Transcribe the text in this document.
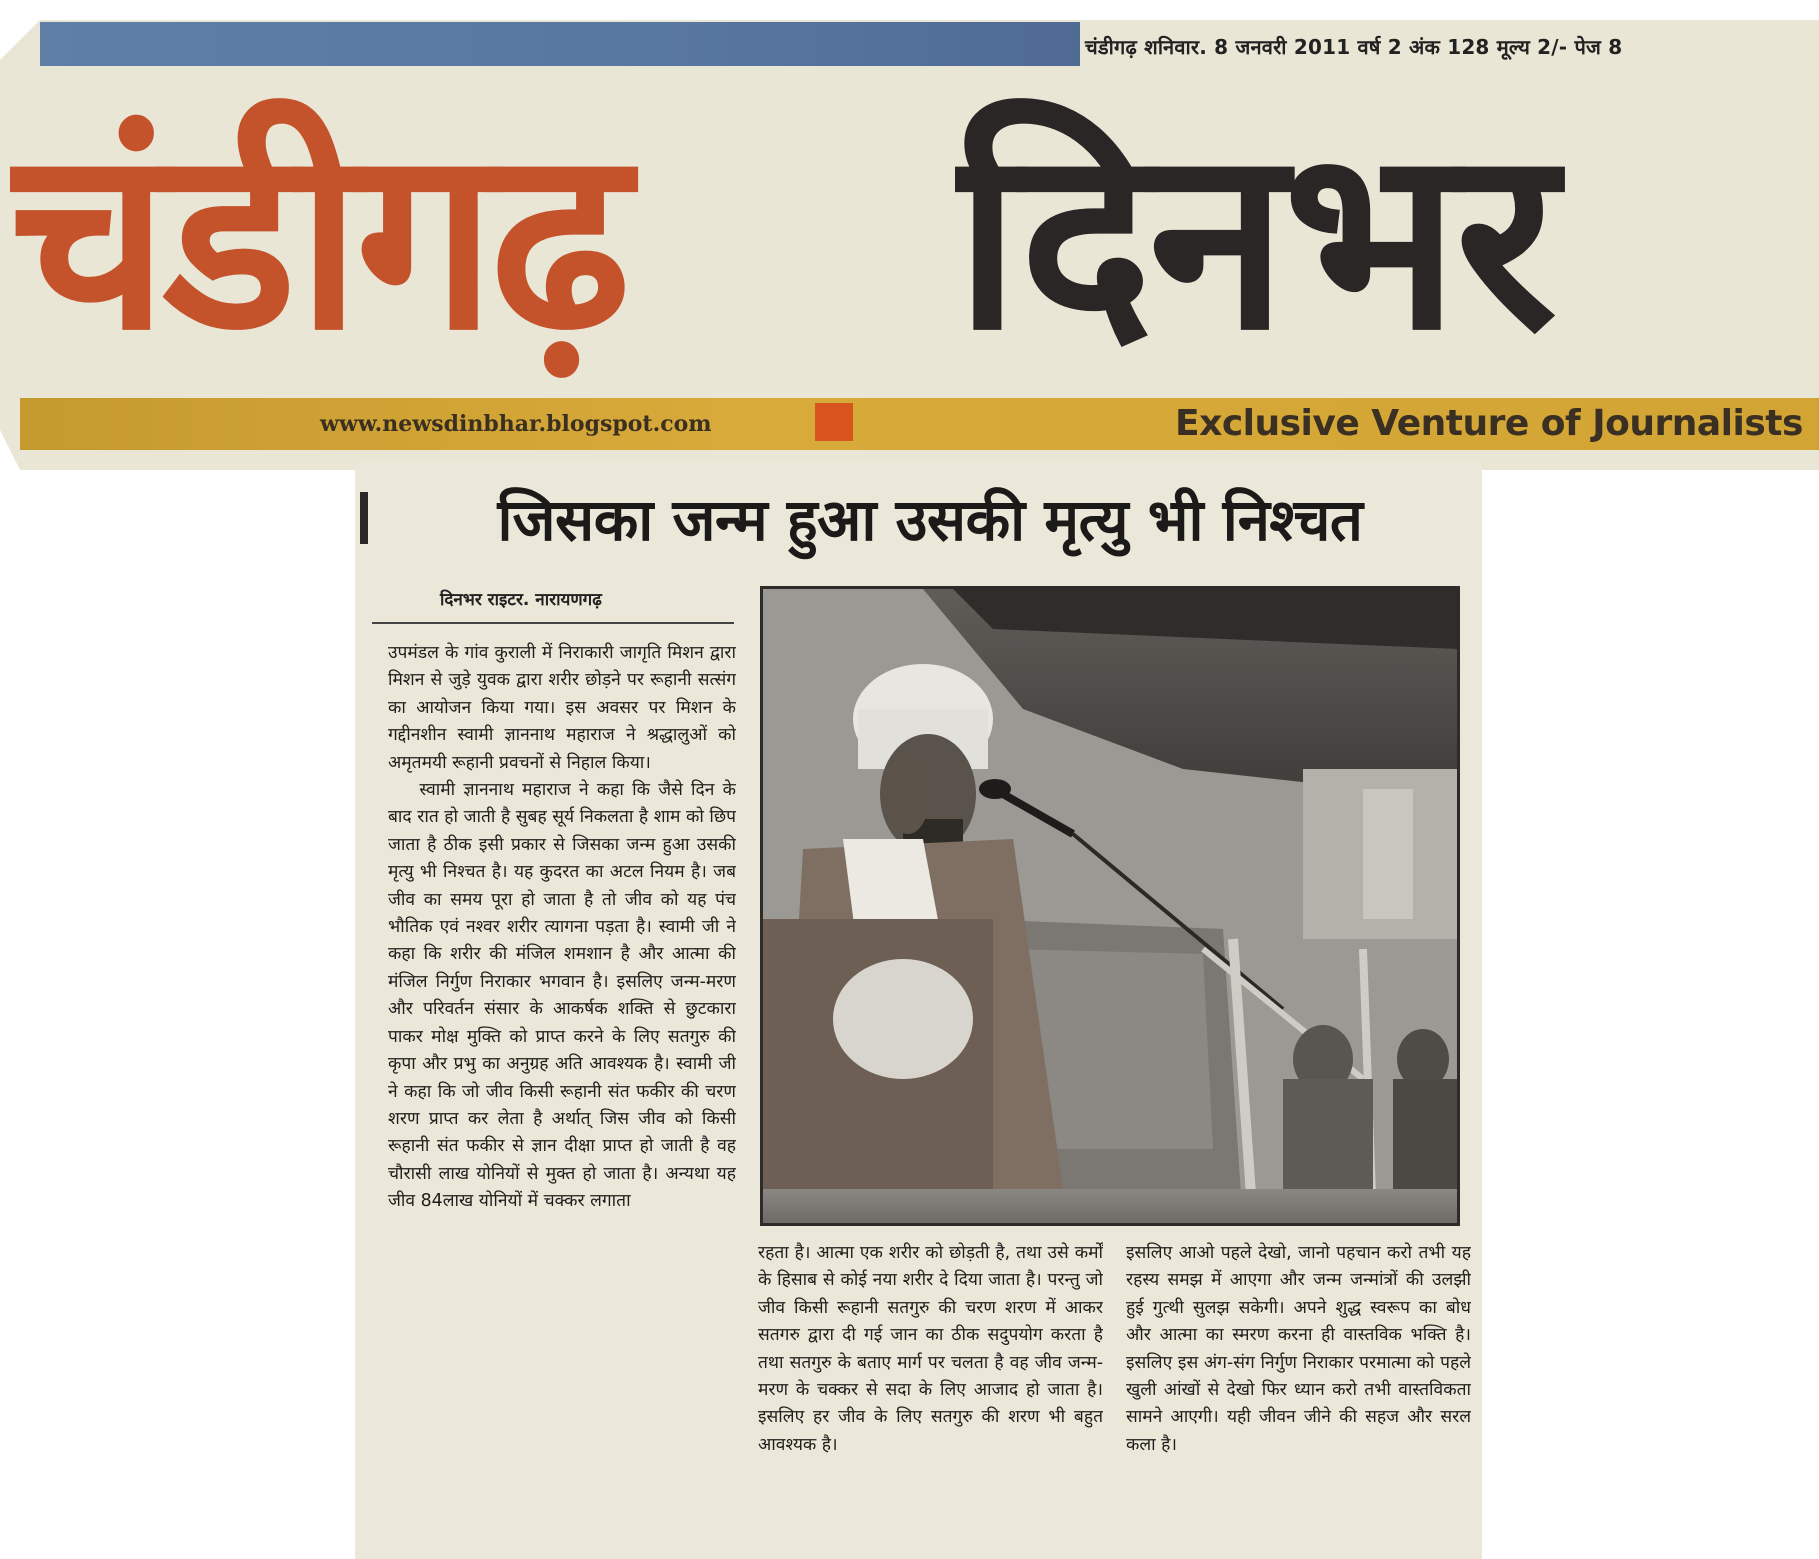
चंडीगढ़ शनिवार. 8 जनवरी 2011 वर्ष 2 अंक 128 मूल्य 2/- पेज 8
चंडीगढ़	दिनभर
www.newsdinbhar.blogspot.com	Exclusive Venture of Journalists
जिसका जन्म हुआ उसकी मृत्यु भी निश्चत
दिनभर राइटर. नारायणगढ़

उपमंडल के गांव कुराली में निराकारी जागृति मिशन द्वारा मिशन से जुड़े युवक द्वारा शरीर छोड़ने पर रूहानी सत्संग का आयोजन किया गया। इस अवसर पर मिशन के गद्दीनशीन स्वामी ज्ञाननाथ महाराज ने श्रद्धालुओं को अमृतमयी रूहानी प्रवचनों से निहाल किया।

स्वामी ज्ञाननाथ महाराज ने कहा कि जैसे दिन के बाद रात हो जाती है सुबह सूर्य निकलता है शाम को छिप जाता है ठीक इसी प्रकार से जिसका जन्म हुआ उसकी मृत्यु भी निश्चत है। यह कुदरत का अटल नियम है। जब जीव का समय पूरा हो जाता है तो जीव को यह पंच भौतिक एवं नश्वर शरीर त्यागना पड़ता है। स्वामी जी ने कहा कि शरीर की मंजिल शमशान है और आत्मा की मंजिल निर्गुण निराकार भगवान है। इसलिए जन्म-मरण और परिवर्तन संसार के आकर्षक शक्ति से छुटकारा पाकर मोक्ष मुक्ति को प्राप्त करने के लिए सतगुरु की कृपा और प्रभु का अनुग्रह अति आवश्यक है। स्वामी जी ने कहा कि जो जीव किसी रूहानी संत फकीर की चरण शरण प्राप्त कर लेता है अर्थात् जिस जीव को किसी रूहानी संत फकीर से ज्ञान दीक्षा प्राप्त हो जाती है वह चौरासी लाख योनियों से मुक्त हो जाता है। अन्यथा यह जीव 84लाख योनियों में चक्कर लगाता

रहता है। आत्मा एक शरीर को छोड़ती है, तथा उसे कर्मों के हिसाब से कोई नया शरीर दे दिया जाता है। परन्तु जो जीव किसी रूहानी सतगुरु की चरण शरण में आकर सतगरु द्वारा दी गई जान का ठीक सदुपयोग करता है तथा सतगुरु के बताए मार्ग पर चलता है वह जीव जन्म-मरण के चक्कर से सदा के लिए आजाद हो जाता है। इसलिए हर जीव के लिए सतगुरु की शरण भी बहुत आवश्यक है।

इसलिए आओ पहले देखो, जानो पहचान करो तभी यह रहस्य समझ में आएगा और जन्म जन्मांत्रों की उलझी हुई गुत्थी सुलझ सकेगी। अपने शुद्ध स्वरूप का बोध और आत्मा का स्मरण करना ही वास्तविक भक्ति है। इसलिए इस अंग-संग निर्गुण निराकार परमात्मा को पहले खुली आंखों से देखो फिर ध्यान करो तभी वास्तविकता सामने आएगी। यही जीवन जीने की सहज और सरल कला है।
